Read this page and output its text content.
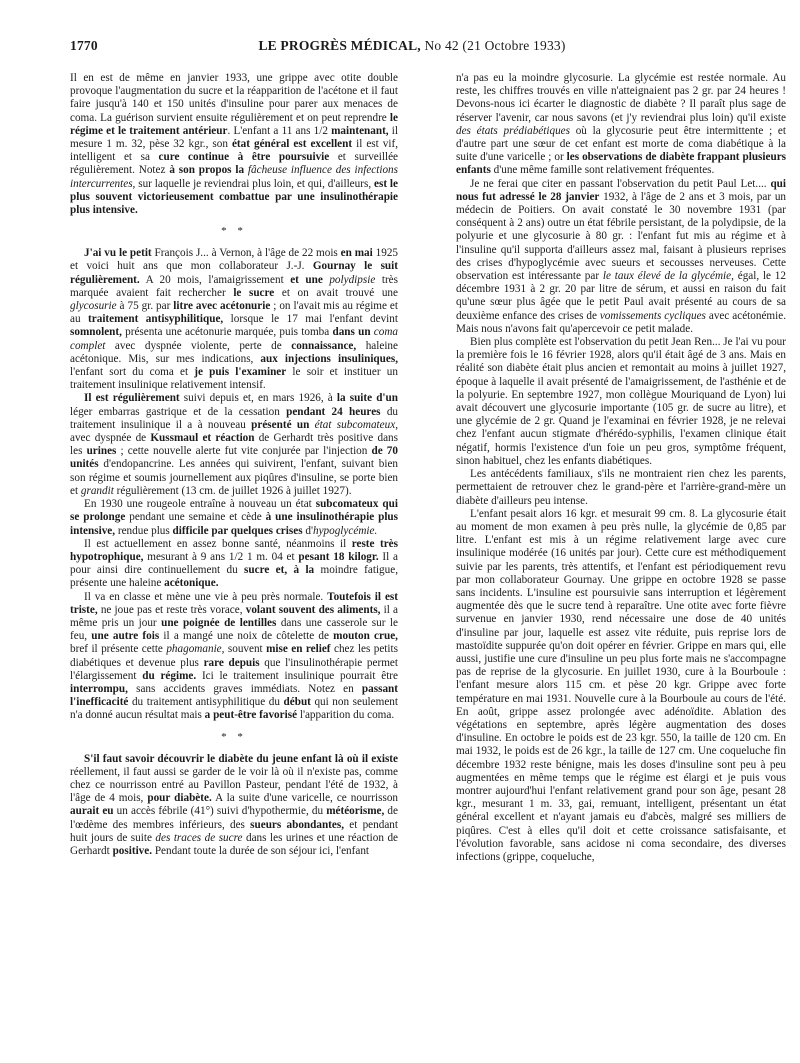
1770	LE PROGRÈS MÉDICAL, No 42 (21 Octobre 1933)

Il en est de même en janvier 1933, une grippe avec otite double provoque l'augmentation du sucre et la réapparition de l'acétone et il faut faire jusqu'à 140 et 150 unités d'insuline pour parer aux menaces de coma. La guérison survient ensuite régulièrement et on peut reprendre le régime et le traitement antérieur. L'enfant a 11 ans 1/2 maintenant, il mesure 1 m. 32, pèse 32 kgr., son état général est excellent il est vif, intelligent et sa cure continue à être poursuivie et surveillée régulièrement. Notez à son propos la fâcheuse influence des infections intercurrentes, sur laquelle je reviendrai plus loin, et qui, d'ailleurs, est le plus souvent victorieusement combattue par une insulinothérapie plus intensive.

* *

J'ai vu le petit François J... à Vernon, à l'âge de 22 mois en mai 1925 et voici huit ans que mon collaborateur J.-J. Gournay le suit régulièrement. A 20 mois, l'amaigrissement et une polydipsie très marquée avaient fait rechercher le sucre et on avait trouvé une glycosurie à 75 gr. par litre avec acétonurie ; on l'avait mis au régime et au traitement antisyphilitique, lorsque le 17 mai l'enfant devint somnolent, présenta une acétonurie marquée, puis tomba dans un coma complet avec dyspnée violente, perte de connaissance, haleine acétonique. Mis, sur mes indications, aux injections insuliniques, l'enfant sort du coma et je puis l'examiner le soir et instituer un traitement insulinique relativement intensif.

Il est régulièrement suivi depuis et, en mars 1926, à la suite d'un léger embarras gastrique et de la cessation pendant 24 heures du traitement insulinique il a à nouveau présenté un état subcomateux, avec dyspnée de Kussmaul et réaction de Gerhardt très positive dans les urines ; cette nouvelle alerte fut vite conjurée par l'injection de 70 unités d'endopancrine. Les années qui suivirent, l'enfant, suivant bien son régime et soumis journellement aux piqûres d'insuline, se porte bien et grandit régulièrement (13 cm. de juillet 1926 à juillet 1927).

En 1930 une rougeole entraîne à nouveau un état subcomateux qui se prolonge pendant une semaine et cède à une insulinothérapie plus intensive, rendue plus difficile par quelques crises d'hypoglycémie.

Il est actuellement en assez bonne santé, néanmoins il reste très hypotrophique, mesurant à 9 ans 1/2 1 m. 04 et pesant 18 kilogr. Il a pour ainsi dire continuellement du sucre et, à la moindre fatigue, présente une haleine acétonique.

Il va en classe et mène une vie à peu près normale. Toutefois il est triste, ne joue pas et reste très vorace, volant souvent des aliments, il a même pris un jour une poignée de lentilles dans une casserole sur le feu, une autre fois il a mangé une noix de côtelette de mouton crue, bref il présente cette phagomanie, souvent mise en relief chez les petits diabétiques et devenue plus rare depuis que l'insulinothérapie permet l'élargissement du régime. Ici le traitement insulinique pourrait être interrompu, sans accidents graves immédiats. Notez en passant l'inefficacité du traitement antisyphilitique du début qui non seulement n'a donné aucun résultat mais a peut-être favorisé l'apparition du coma.

* *

S'il faut savoir découvrir le diabète du jeune enfant là où il existe réellement, il faut aussi se garder de le voir là où il n'existe pas, comme chez ce nourrisson entré au Pavillon Pasteur, pendant l'été de 1932, à l'âge de 4 mois, pour diabète. A la suite d'une varicelle, ce nourrisson aurait eu un accès fébrile (41°) suivi d'hypothermie, du météorisme, de l'œdème des membres inférieurs, des sueurs abondantes, et pendant huit jours de suite des traces de sucre dans les urines et une réaction de Gerhardt positive. Pendant toute la durée de son séjour ici, l'enfant

n'a pas eu la moindre glycosurie. La glycémie est restée normale. Au reste, les chiffres trouvés en ville n'atteignaient pas 2 gr. par 24 heures ! Devons-nous ici écarter le diagnostic de diabète ? Il paraît plus sage de réserver l'avenir, car nous savons (et j'y reviendrai plus loin) qu'il existe des états prédiabétiques où la glycosurie peut être intermittente ; et d'autre part une sœur de cet enfant est morte de coma diabétique à la suite d'une varicelle ; or les observations de diabète frappant plusieurs enfants d'une même famille sont relativement fréquentes.

Je ne ferai que citer en passant l'observation du petit Paul Let.... qui nous fut adressé le 28 janvier 1932, à l'âge de 2 ans et 3 mois, par un médecin de Poitiers. On avait constaté le 30 novembre 1931 (par conséquent à 2 ans) outre un état fébrile persistant, de la polydipsie, de la polyurie et une glycosurie à 80 gr. : l'enfant fut mis au régime et à l'insuline qu'il supporta d'ailleurs assez mal, faisant à plusieurs reprises des crises d'hypoglycémie avec sueurs et secousses nerveuses. Cette observation est intéressante par le taux élevé de la glycémie, égal, le 12 décembre 1931 à 2 gr. 20 par litre de sérum, et aussi en raison du fait qu'une sœur plus âgée que le petit Paul avait présenté au cours de sa deuxième enfance des crises de vomissements cycliques avec acétonémie. Mais nous n'avons fait qu'apercevoir ce petit malade.

Bien plus complète est l'observation du petit Jean Ren... Je l'ai vu pour la première fois le 16 février 1928, alors qu'il était âgé de 3 ans. Mais en réalité son diabète était plus ancien et remontait au moins à juillet 1927, époque à laquelle il avait présenté de l'amaigrissement, de l'asthénie et de la polyurie. En septembre 1927, mon collègue Mouriquand de Lyon) lui avait découvert une glycosurie importante (105 gr. de sucre au litre), et une glycémie de 2 gr. Quand je l'examinai en février 1928, je ne relevai chez l'enfant aucun stigmate d'hérédo-syphilis, l'examen clinique était négatif, hormis l'existence d'un foie un peu gros, symptôme fréquent, sinon habituel, chez les enfants diabétiques.

Les antécédents familiaux, s'ils ne montraient rien chez les parents, permettaient de retrouver chez le grand-père et l'arrière-grand-mère un diabète d'ailleurs peu intense.

L'enfant pesait alors 16 kgr. et mesurait 99 cm. 8. La glycosurie était au moment de mon examen à peu près nulle, la glycémie de 0,85 par litre. L'enfant est mis à un régime relativement large avec cure insulinique modérée (16 unités par jour). Cette cure est méthodiquement suivie par les parents, très attentifs, et l'enfant est périodiquement revu par mon collaborateur Gournay. Une grippe en octobre 1928 se passe sans incidents. L'insuline est poursuivie sans interruption et légèrement augmentée dès que le sucre tend à reparaître. Une otite avec forte fièvre survenue en janvier 1930, rend nécessaire une dose de 40 unités d'insuline par jour, laquelle est assez vite réduite, puis reprise lors de mastoïdite suppurée qu'on doit opérer en février. Grippe en mars qui, elle aussi, justifie une cure d'insuline un peu plus forte mais ne s'accompagne pas de reprise de la glycosurie. En juillet 1930, cure à la Bourboule : l'enfant mesure alors 115 cm. et pèse 20 kgr. Grippe avec forte température en mai 1931. Nouvelle cure à la Bourboule au cours de l'été. En août, grippe assez prolongée avec adénoïdite. Ablation des végétations en septembre, après légère augmentation des doses d'insuline. En octobre le poids est de 23 kgr. 550, la taille de 120 cm. En mai 1932, le poids est de 26 kgr., la taille de 127 cm. Une coqueluche fin décembre 1932 reste bénigne, mais les doses d'insuline sont peu à peu augmentées en même temps que le régime est élargi et je puis vous montrer aujourd'hui l'enfant relativement grand pour son âge, pesant 28 kgr., mesurant 1 m. 33, gai, remuant, intelligent, présentant un état général excellent et n'ayant jamais eu d'abcès, malgré ses milliers de piqûres. C'est à elles qu'il doit et cette croissance satisfaisante, et l'évolution favorable, sans acidose ni coma secondaire, des diverses infections (grippe, coqueluche,
